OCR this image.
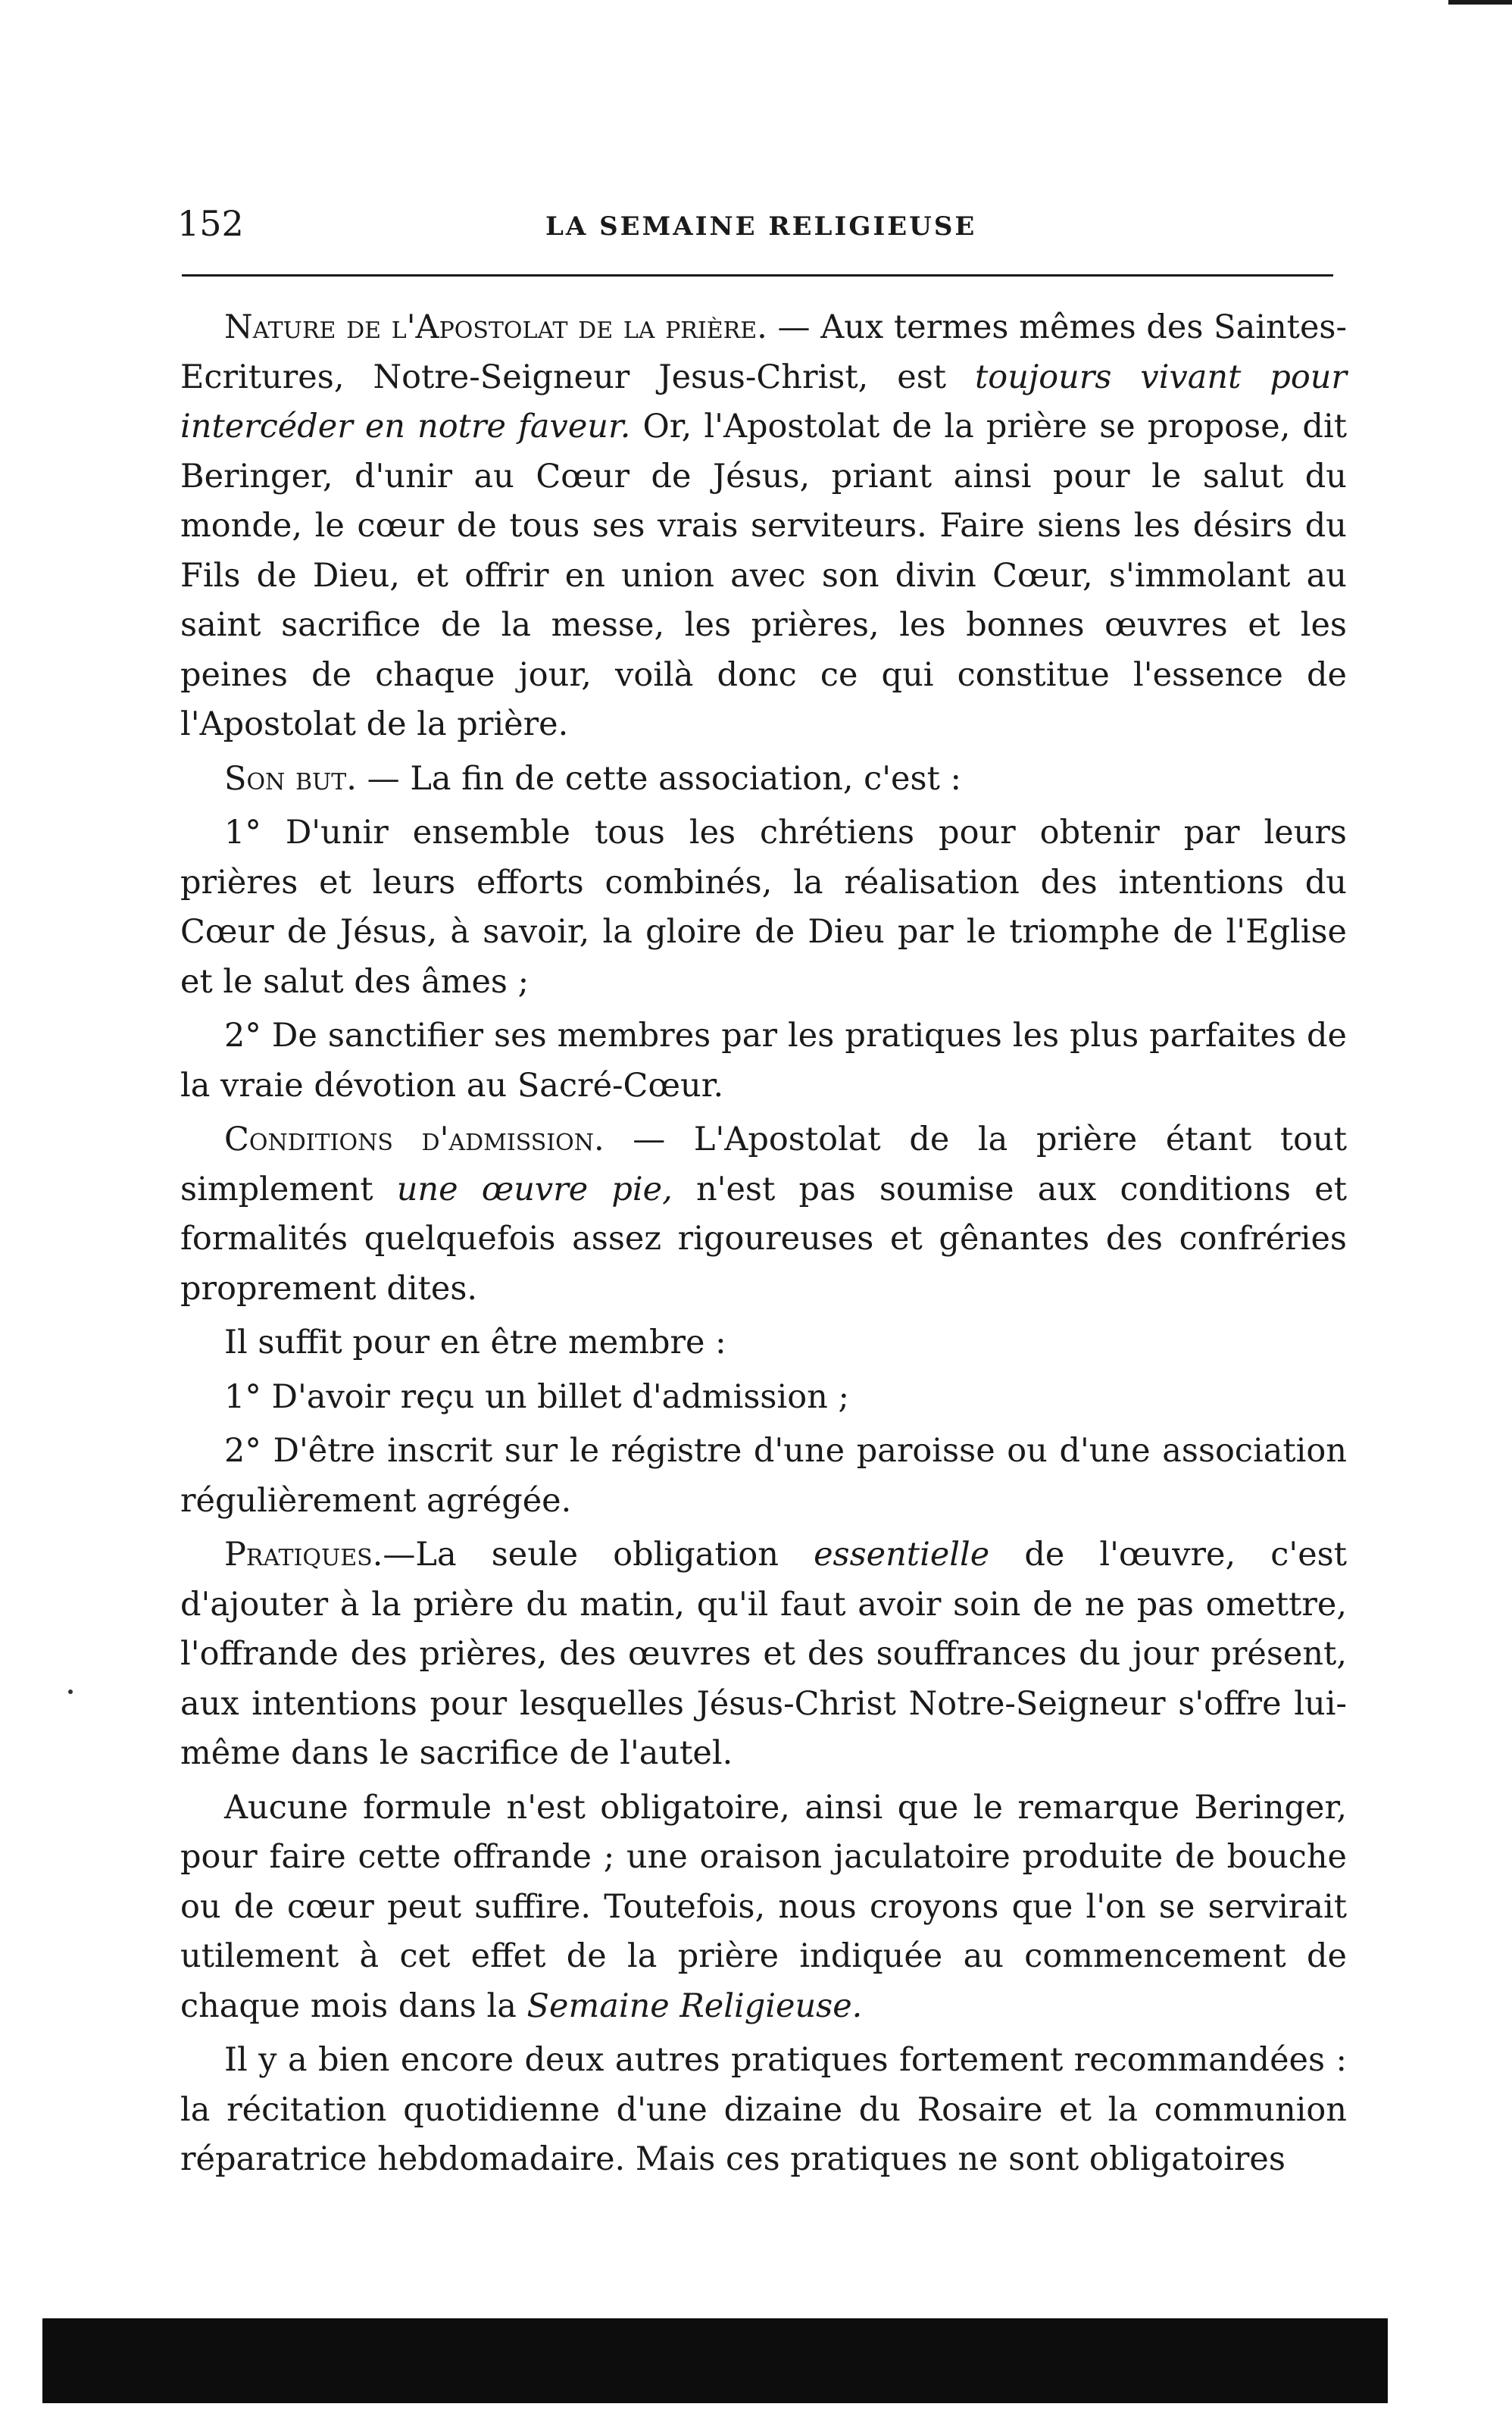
152	LA SEMAINE RELIGIEUSE

Nature de l'Apostolat de la prière. — Aux termes mêmes des Saintes-Ecritures, Notre-Seigneur Jesus-Christ, est toujours vivant pour intercéder en notre faveur. Or, l'Apostolat de la prière se propose, dit Beringer, d'unir au Cœur de Jésus, priant ainsi pour le salut du monde, le cœur de tous ses vrais serviteurs. Faire siens les désirs du Fils de Dieu, et offrir en union avec son divin Cœur, s'immolant au saint sacrifice de la messe, les prières, les bonnes œuvres et les peines de chaque jour, voilà donc ce qui constitue l'essence de l'Apostolat de la prière.

Son but. — La fin de cette association, c'est :

1° D'unir ensemble tous les chrétiens pour obtenir par leurs prières et leurs efforts combinés, la réalisation des intentions du Cœur de Jésus, à savoir, la gloire de Dieu par le triomphe de l'Eglise et le salut des âmes ;

2° De sanctifier ses membres par les pratiques les plus parfaites de la vraie dévotion au Sacré-Cœur.

Conditions d'admission. — L'Apostolat de la prière étant tout simplement une œuvre pie, n'est pas soumise aux conditions et formalités quelquefois assez rigoureuses et gênantes des confréries proprement dites.

Il suffit pour en être membre :

1° D'avoir reçu un billet d'admission ;

2° D'être inscrit sur le régistre d'une paroisse ou d'une association régulièrement agrégée.

Pratiques.—La seule obligation essentielle de l'œuvre, c'est d'ajouter à la prière du matin, qu'il faut avoir soin de ne pas omettre, l'offrande des prières, des œuvres et des souffrances du jour présent, aux intentions pour lesquelles Jésus-Christ Notre-Seigneur s'offre lui-même dans le sacrifice de l'autel.

Aucune formule n'est obligatoire, ainsi que le remarque Beringer, pour faire cette offrande ; une oraison jaculatoire produite de bouche ou de cœur peut suffire. Toutefois, nous croyons que l'on se servirait utilement à cet effet de la prière indiquée au commencement de chaque mois dans la Semaine Religieuse.

Il y a bien encore deux autres pratiques fortement recommandées : la récitation quotidienne d'une dizaine du Rosaire et la communion réparatrice hebdomadaire. Mais ces pratiques ne sont obligatoires
